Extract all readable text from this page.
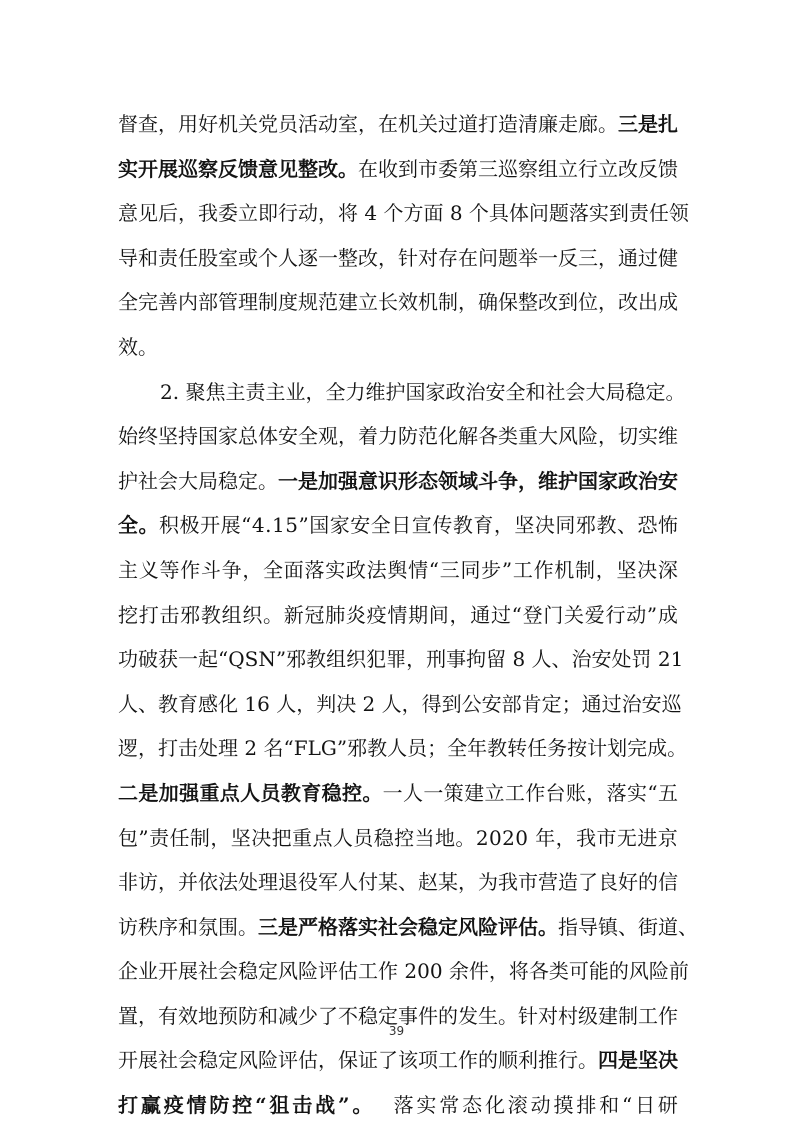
督 查 ， 用 好 机 关 党 员 活 动 室 ， 在 机 关 过 道 打 造 清 廉 走 廊 。 三 是 扎
实 开 展 巡 察 反 馈 意 见 整 改 。 在 收 到 市 委 第 三 巡 察 组 立 行 立 改 反 馈
意 见 后 ， 我 委 立 即 行 动 ， 将
4
个 方 面
8
个 具 体 问 题 落 实 到 责 任 领
导 和 责 任 股 室 或 个 人 逐 一 整 改 ， 针 对 存 在 问 题 举 一 反 三 ， 通 过 健
全 完 善 内 部 管 理 制 度 规 范 建 立 长 效 机 制 ， 确 保 整 改 到 位 ， 改 出 成
效。
2 .
聚 焦 主 责 主 业 ， 全 力 维 护 国 家 政 治 安 全 和 社 会 大 局 稳 定 。
始 终 坚 持 国 家 总 体 安 全 观 ， 着 力 防 范 化 解 各 类 重 大 风 险 ， 切 实 维
护 社 会 大 局 稳 定 。 一 是 加 强 意 识 形 态 领 域 斗 争 ， 维 护 国 家 政 治 安
全 。 积 极 开 展 “ 4 . 1 5 ” 国 家 安 全 日 宣 传 教 育 ， 坚 决 同 邪 教 、 恐 怖
主 义 等 作 斗 争 ， 全 面 落 实 政 法 舆 情 “ 三 同 步 ” 工 作 机 制 ， 坚 决 深
挖 打 击 邪 教 组 织 。 新 冠 肺 炎 疫 情 期 间 ， 通 过 “ 登 门 关 爱 行 动 ” 成
功 破 获 一 起 “ Q S N ” 邪 教 组 织 犯 罪 ， 刑 事 拘 留
8
人 、 治 安 处 罚
2 1
人 、 教 育 感 化
1 6
人 ， 判 决
2
人 ， 得 到 公 安 部 肯 定 ； 通 过 治 安 巡
逻 ， 打 击 处 理
2
名 “ F L G ” 邪 教 人 员 ； 全 年 教 转 任 务 按 计 划 完 成 。
二 是 加 强 重 点 人 员 教 育 稳 控 。 一 人 一 策 建 立 工 作 台 账 ， 落 实 “ 五
包 ” 责 任 制 ， 坚 决 把 重 点 人 员 稳 控 当 地 。 2 0 2 0
年 ， 我 市 无 进 京
非 访 ， 并 依 法 处 理 退 役 军 人 付 某 、 赵 某 ， 为 我 市 营 造 了 良 好 的 信
访 秩 序 和 氛 围 。 三 是 严 格 落 实 社 会 稳 定 风 险 评 估 。 指 导 镇 、 街 道 、
企 业 开 展 社 会 稳 定 风 险 评 估 工 作
2 0 0
余 件 ， 将 各 类 可 能 的 风 险 前
置 ， 有 效 地 预 防 和 减 少 了 不 稳 定 事 件 的 发 生 。 针 对 村 级 建 制 工 作
开 展 社 会 稳 定 风 险 评 估 ， 保 证 了 该 项 工 作 的 顺 利 推 行 。 四 是 坚 决
打 赢 疫 情 防 控 “ 狙 击 战 ” 。

落 实 常 态 化 滚 动 摸 排 和 “ 日 研
39
